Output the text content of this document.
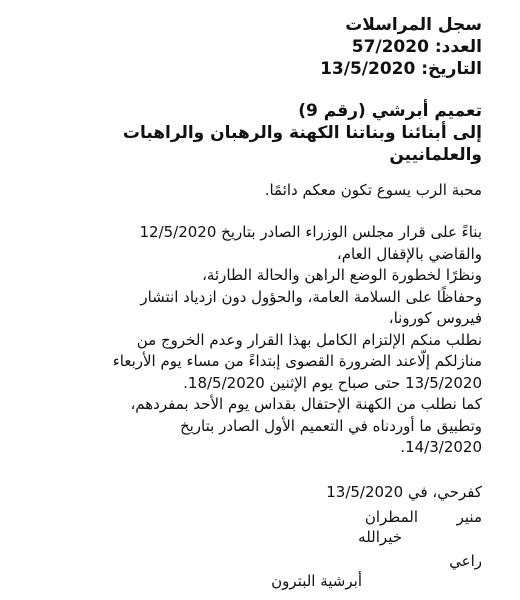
سجل المراسلات
العدد: 57/2020
التاريخ: 13/5/2020
تعميم أبرشي (رقم 9)
إلى أبنائنا وبناتنا الكهنة والرهبان والراهبات
والعلمانيين
محبة الرب يسوع تكون معكم دائمًا.
بناءً على قرار مجلس الوزراء الصادر بتاريخ 12/5/2020
والقاضي بالإقفال العام،
ونظرًا لخطورة الوضع الراهن والحالة الطارئة،
وحفاظًا على السلامة العامة، والحؤول دون ازدياد انتشار
فيروس كورونا،
نطلب منكم الإلتزام الكامل بهذا القرار وعدم الخروج من
منازلكم إلّاعند الضرورة القصوى إبتداءً من مساء يوم الأربعاء
13/5/2020 حتى صباح يوم الإثنين 18/5/2020.
كما نطلب من الكهنة الإحتفال بقداس يوم الأحد بمفردهم،
وتطبيق ما أوردناه في التعميم الأول الصادر بتاريخ
14/3/2020.
كفرحي، في 13/5/2020
منير
المطران
خيرالله
راعي
أبرشية البترون
